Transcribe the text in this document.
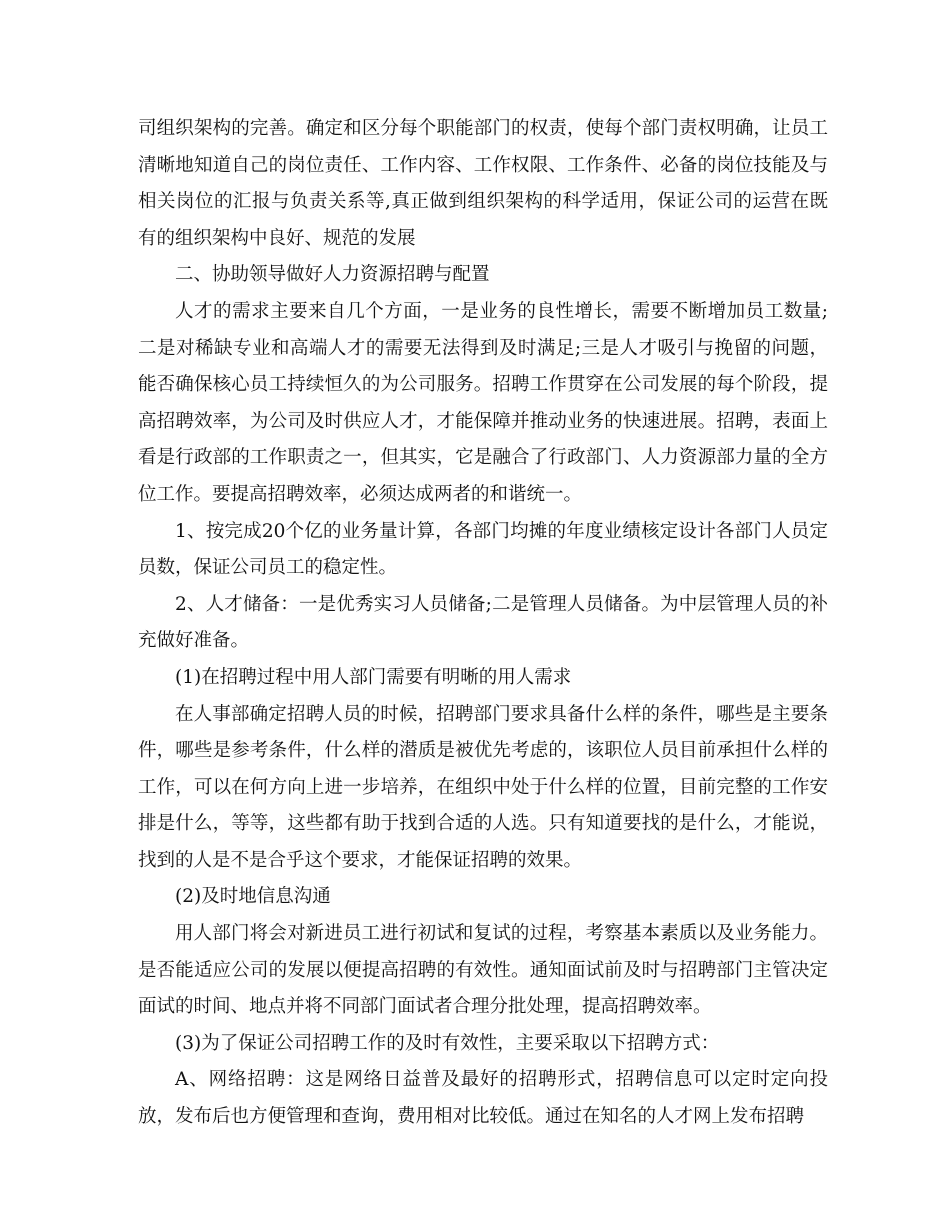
司组织架构的完善。确定和区分每个职能部门的权责，使每个部门责权明确，让员工清晰地知道自己的岗位责任、工作内容、工作权限、工作条件、必备的岗位技能及与相关岗位的汇报与负责关系等,真正做到组织架构的科学适用，保证公司的运营在既有的组织架构中良好、规范的发展

二、协助领导做好人力资源招聘与配置

人才的需求主要来自几个方面，一是业务的良性增长，需要不断增加员工数量;二是对稀缺专业和高端人才的需要无法得到及时满足;三是人才吸引与挽留的问题，能否确保核心员工持续恒久的为公司服务。招聘工作贯穿在公司发展的每个阶段，提高招聘效率，为公司及时供应人才，才能保障并推动业务的快速进展。招聘，表面上看是行政部的工作职责之一，但其实，它是融合了行政部门、人力资源部力量的全方位工作。要提高招聘效率，必须达成两者的和谐统一。

1、按完成20个亿的业务量计算，各部门均摊的年度业绩核定设计各部门人员定员数，保证公司员工的稳定性。

2、人才储备：一是优秀实习人员储备;二是管理人员储备。为中层管理人员的补充做好准备。

(1)在招聘过程中用人部门需要有明晰的用人需求

在人事部确定招聘人员的时候，招聘部门要求具备什么样的条件，哪些是主要条件，哪些是参考条件，什么样的潜质是被优先考虑的，该职位人员目前承担什么样的工作，可以在何方向上进一步培养，在组织中处于什么样的位置，目前完整的工作安排是什么，等等，这些都有助于找到合适的人选。只有知道要找的是什么，才能说，找到的人是不是合乎这个要求，才能保证招聘的效果。

(2)及时地信息沟通

用人部门将会对新进员工进行初试和复试的过程，考察基本素质以及业务能力。是否能适应公司的发展以便提高招聘的有效性。通知面试前及时与招聘部门主管决定面试的时间、地点并将不同部门面试者合理分批处理，提高招聘效率。

(3)为了保证公司招聘工作的及时有效性，主要采取以下招聘方式：

A、网络招聘：这是网络日益普及最好的招聘形式，招聘信息可以定时定向投放，发布后也方便管理和查询，费用相对比较低。通过在知名的人才网上发布招聘
